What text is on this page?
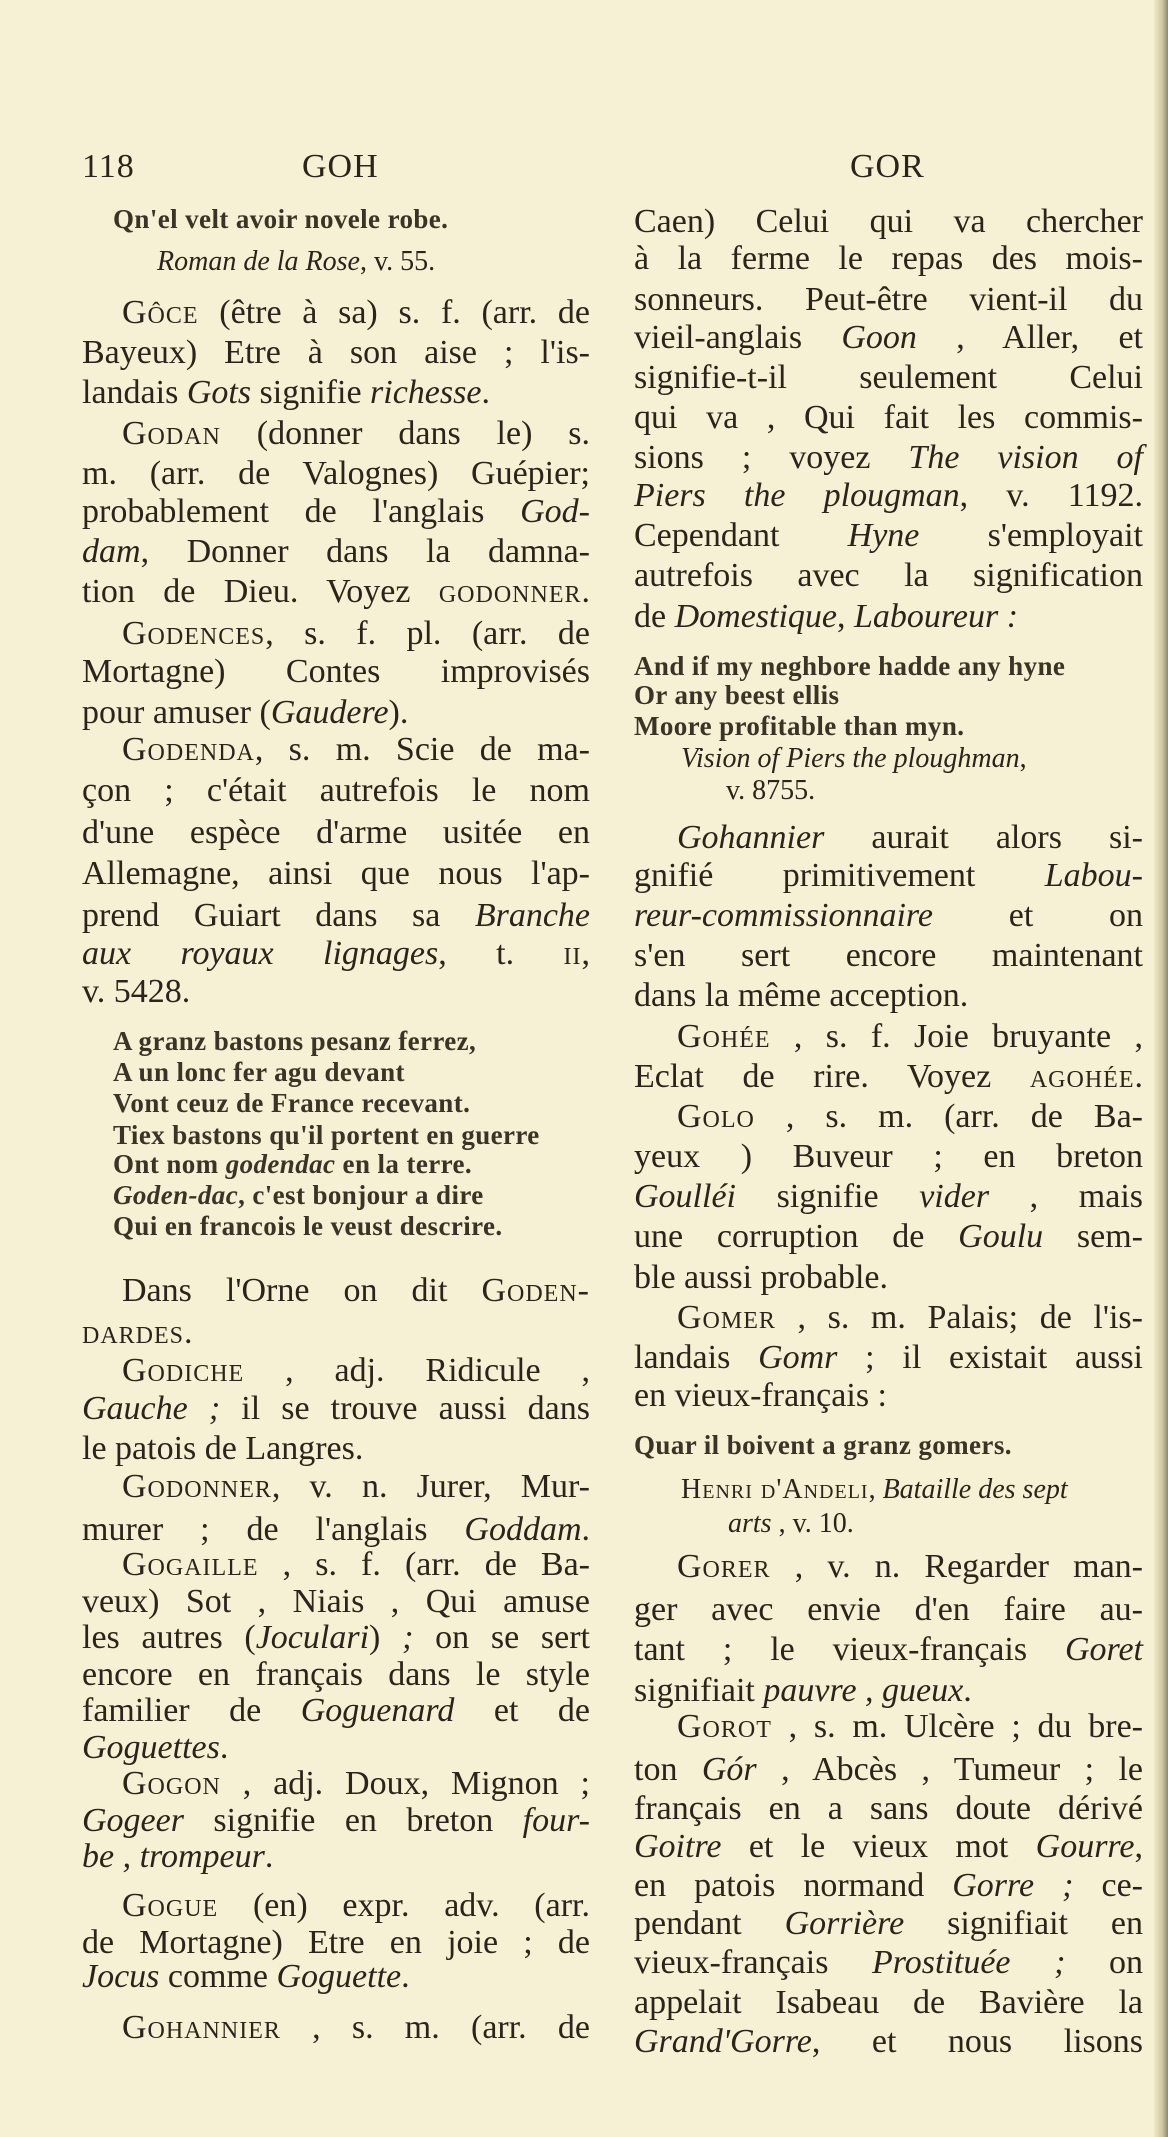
118	GOH	GOR
Qn'el velt avoir novele robe.
Roman de la Rose, v. 55.
Gôce (être à sa) s. f. (arr. de
Bayeux) Etre à son aise ; l'is-
landais Gots signifie richesse.
Godan (donner dans le) s.
m. (arr. de Valognes) Guépier;
probablement de l'anglais God-
dam, Donner dans la damna-
tion de Dieu. Voyez godonner.
Godences, s. f. pl. (arr. de
Mortagne) Contes improvisés
pour amuser (Gaudere).
Godenda, s. m. Scie de ma-
çon ; c'était autrefois le nom
d'une espèce d'arme usitée en
Allemagne, ainsi que nous l'ap-
prend Guiart dans sa Branche
aux royaux lignages, t. ii,
v. 5428.
A granz bastons pesanz ferrez,
A un lonc fer agu devant
Vont ceuz de France recevant.
Tiex bastons qu'il portent en guerre
Ont nom godendac en la terre.
Goden-dac, c'est bonjour a dire
Qui en francois le veust descrire.
Dans l'Orne on dit Goden-
dardes.
Godiche , adj. Ridicule ,
Gauche ; il se trouve aussi dans
le patois de Langres.
Godonner, v. n. Jurer, Mur-
murer ; de l'anglais Goddam.
Gogaille , s. f. (arr. de Ba-
veux) Sot , Niais , Qui amuse
les autres (Joculari) ; on se sert
encore en français dans le style
familier de Goguenard et de
Goguettes.
Gogon , adj. Doux, Mignon ;
Gogeer signifie en breton four-
be , trompeur.
Gogue (en) expr. adv. (arr.
de Mortagne) Etre en joie ; de
Jocus comme Goguette.
Gohannier , s. m. (arr. de
Caen) Celui qui va chercher
à la ferme le repas des mois-
sonneurs. Peut-être vient-il du
vieil-anglais Goon , Aller, et
signifie-t-il seulement Celui
qui va , Qui fait les commis-
sions ; voyez The vision of
Piers the plougman, v. 1192.
Cependant Hyne s'employait
autrefois avec la signification
de Domestique, Laboureur :
And if my neghbore hadde any hyne
Or any beest ellis
Moore profitable than myn.
Vision of Piers the ploughman,
v. 8755.
Gohannier aurait alors si-
gnifié primitivement Labou-
reur-commissionnaire et on
s'en sert encore maintenant
dans la même acception.
Gohée , s. f. Joie bruyante ,
Eclat de rire. Voyez agohée.
Golo , s. m. (arr. de Ba-
yeux ) Buveur ; en breton
Goulléi signifie vider , mais
une corruption de Goulu sem-
ble aussi probable.
Gomer , s. m. Palais; de l'is-
landais Gomr ; il existait aussi
en vieux-français :
Quar il boivent a granz gomers.
Henri d'Andeli, Bataille des sept
arts , v. 10.
Gorer , v. n. Regarder man-
ger avec envie d'en faire au-
tant ; le vieux-français Goret
signifiait pauvre , gueux.
Gorot , s. m. Ulcère ; du bre-
ton Gór , Abcès , Tumeur ; le
français en a sans doute dérivé
Goitre et le vieux mot Gourre,
en patois normand Gorre ; ce-
pendant Gorrière signifiait en
vieux-français Prostituée ; on
appelait Isabeau de Bavière la
Grand'Gorre, et nous lisons
